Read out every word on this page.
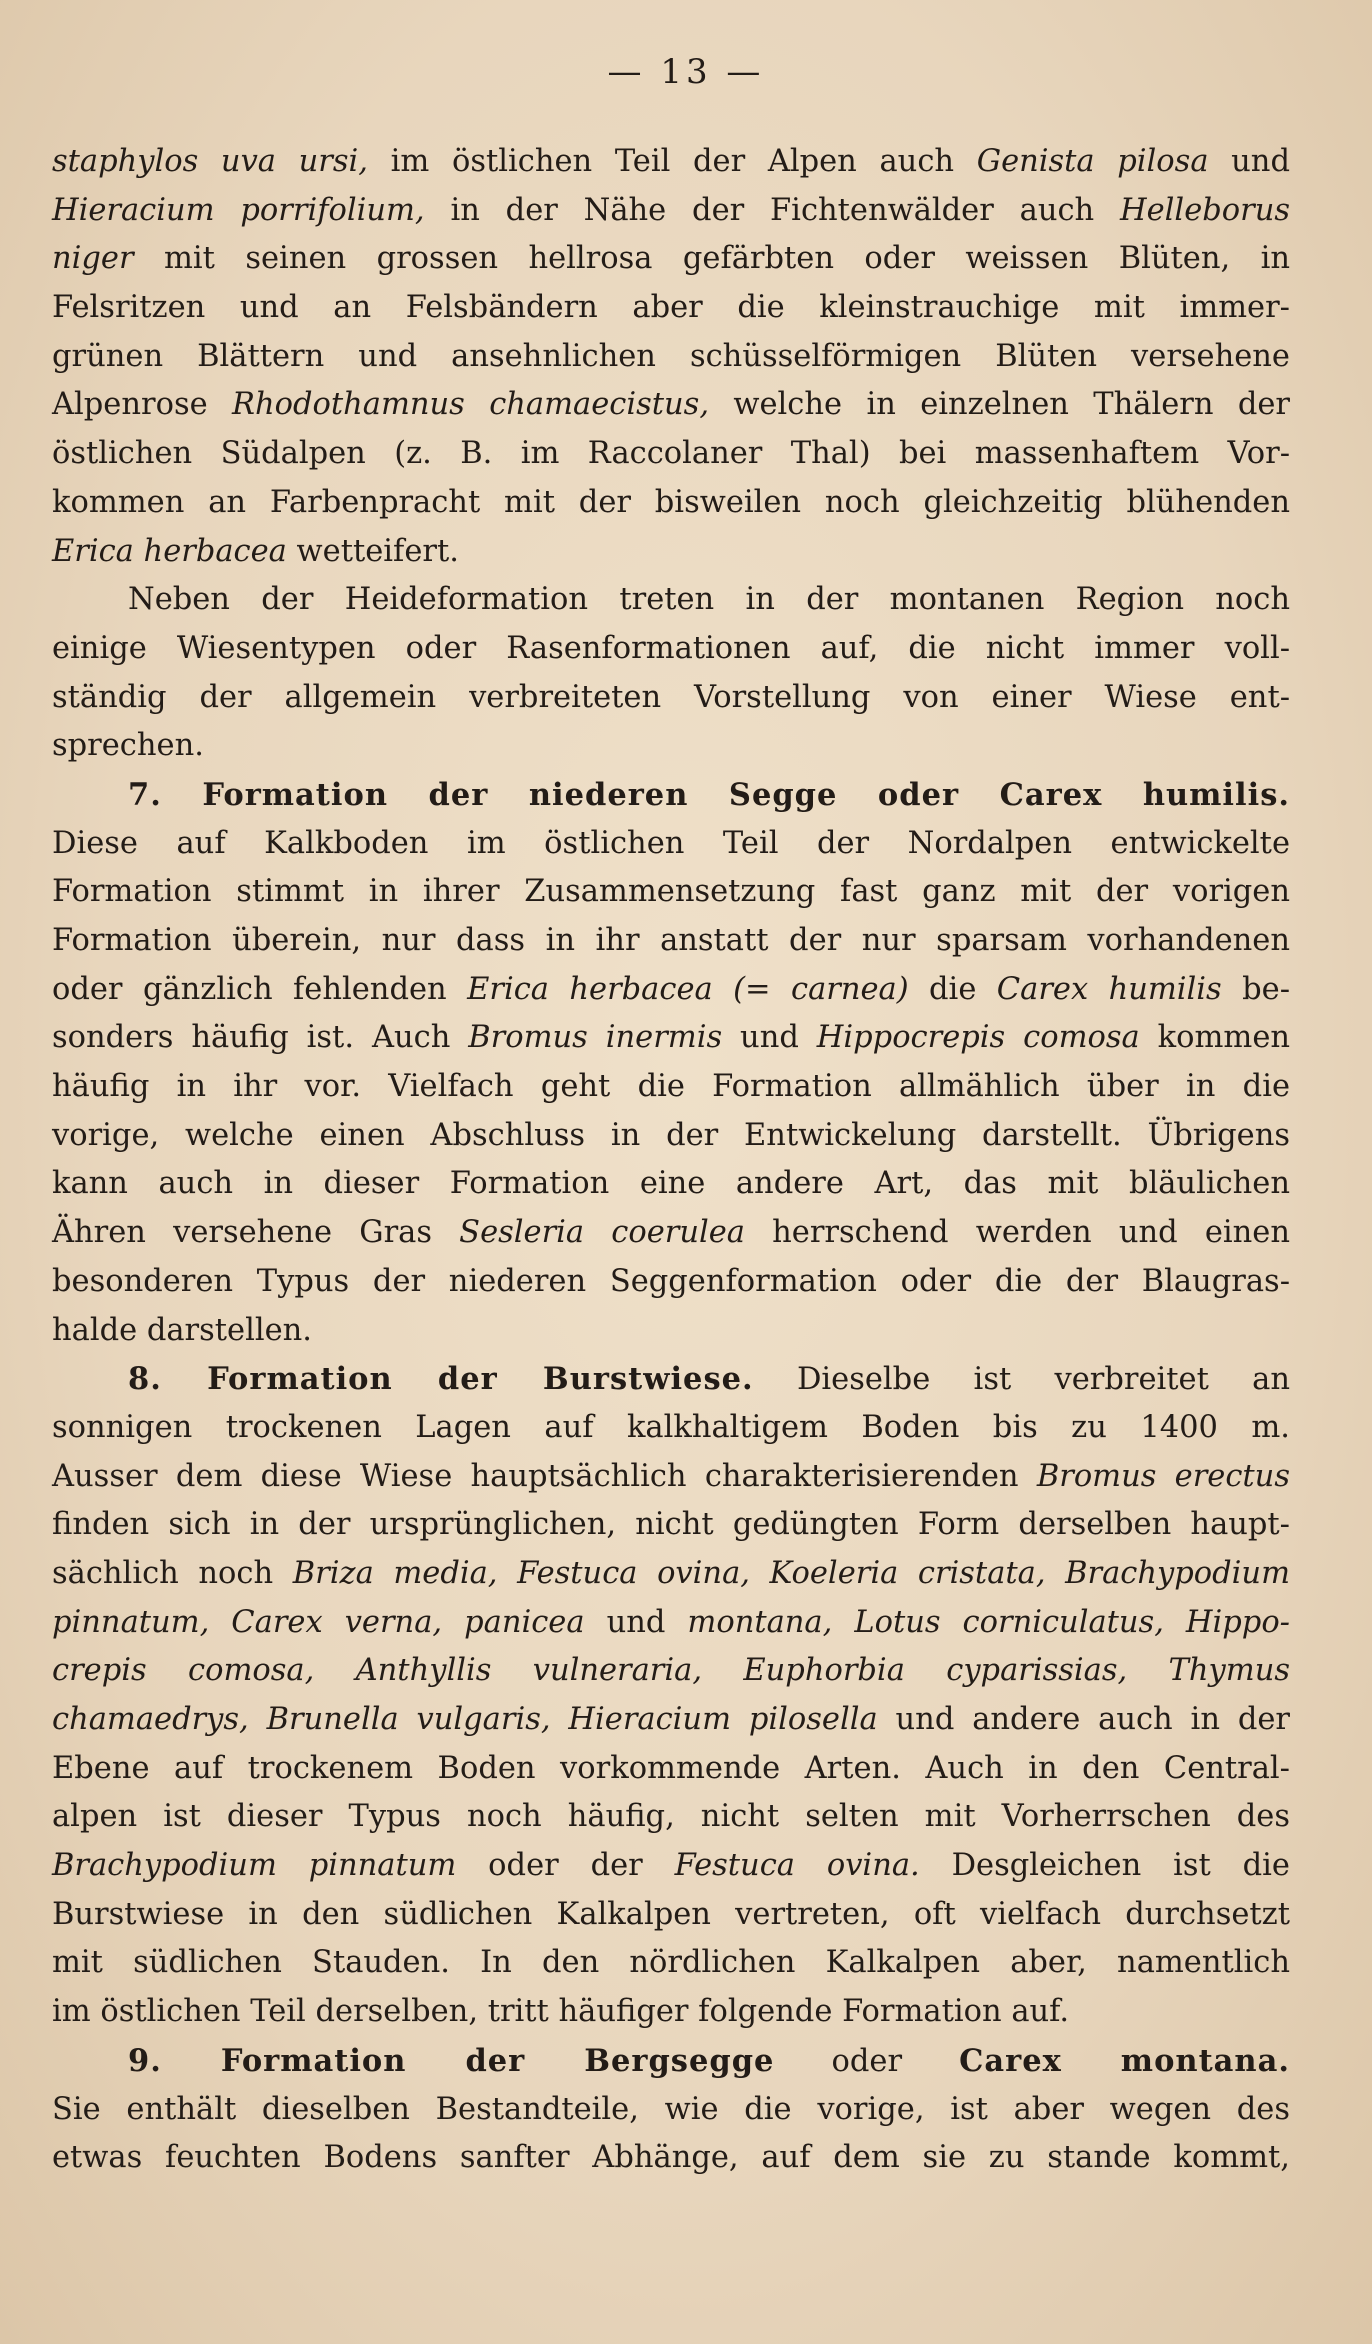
— 13 —
staphylos uva ursi, im östlichen Teil der Alpen auch Genista pilosa und
Hieracium porrifolium, in der Nähe der Fichtenwälder auch Helleborus
niger mit seinen grossen hellrosa gefärbten oder weissen Blüten, in
Felsritzen und an Felsbändern aber die kleinstrauchige mit immer-
grünen Blättern und ansehnlichen schüsselförmigen Blüten versehene
Alpenrose Rhodothamnus chamaecistus, welche in einzelnen Thälern der
östlichen Südalpen (z. B. im Raccolaner Thal) bei massenhaftem Vor-
kommen an Farbenpracht mit der bisweilen noch gleichzeitig blühenden
Erica herbacea wetteifert.
Neben der Heideformation treten in der montanen Region noch
einige Wiesentypen oder Rasenformationen auf, die nicht immer voll-
ständig der allgemein verbreiteten Vorstellung von einer Wiese ent-
sprechen.
7. Formation der niederen Segge oder Carex humilis.
Diese auf Kalkboden im östlichen Teil der Nordalpen entwickelte
Formation stimmt in ihrer Zusammensetzung fast ganz mit der vorigen
Formation überein, nur dass in ihr anstatt der nur sparsam vorhandenen
oder gänzlich fehlenden Erica herbacea (= carnea) die Carex humilis be-
sonders häufig ist. Auch Bromus inermis und Hippocrepis comosa kommen
häufig in ihr vor. Vielfach geht die Formation allmählich über in die
vorige, welche einen Abschluss in der Entwickelung darstellt. Übrigens
kann auch in dieser Formation eine andere Art, das mit bläulichen
Ähren versehene Gras Sesleria coerulea herrschend werden und einen
besonderen Typus der niederen Seggenformation oder die der Blaugras-
halde darstellen.
8. Formation der Burstwiese. Dieselbe ist verbreitet an
sonnigen trockenen Lagen auf kalkhaltigem Boden bis zu 1400 m.
Ausser dem diese Wiese hauptsächlich charakterisierenden Bromus erectus
finden sich in der ursprünglichen, nicht gedüngten Form derselben haupt-
sächlich noch Briza media, Festuca ovina, Koeleria cristata, Brachypodium
pinnatum, Carex verna, panicea und montana, Lotus corniculatus, Hippo-
crepis comosa, Anthyllis vulneraria, Euphorbia cyparissias, Thymus
chamaedrys, Brunella vulgaris, Hieracium pilosella und andere auch in der
Ebene auf trockenem Boden vorkommende Arten. Auch in den Central-
alpen ist dieser Typus noch häufig, nicht selten mit Vorherrschen des
Brachypodium pinnatum oder der Festuca ovina. Desgleichen ist die
Burstwiese in den südlichen Kalkalpen vertreten, oft vielfach durchsetzt
mit südlichen Stauden. In den nördlichen Kalkalpen aber, namentlich
im östlichen Teil derselben, tritt häufiger folgende Formation auf.
9. Formation der Bergsegge oder Carex montana.
Sie enthält dieselben Bestandteile, wie die vorige, ist aber wegen des
etwas feuchten Bodens sanfter Abhänge, auf dem sie zu stande kommt,
